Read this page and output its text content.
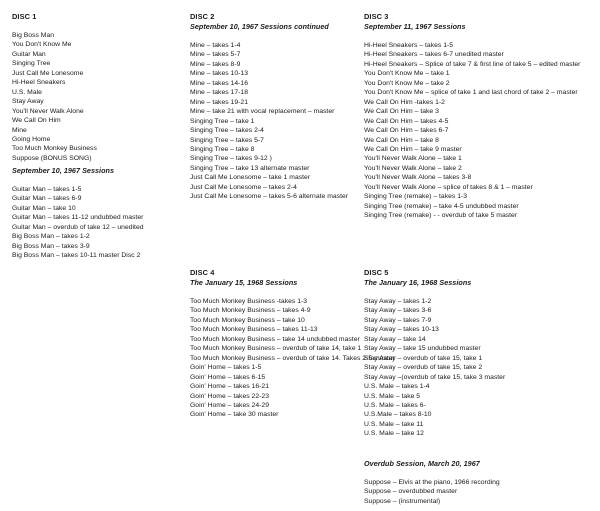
DISC 1
Big Boss Man
You Don't Know Me
Guitar Man
Singing Tree
Just Call Me Lonesome
Hi-Heel Sneakers
U.S. Male
Stay Away
You'll Never Walk Alone
We Call On Him
Mine
Going Home
Too Much Monkey Business
Suppose (BONUS SONG)
September 10, 1967 Sessions
Guitar Man – takes 1-5
Guitar Man – takes 6-9
Guitar Man – take 10
Guitar Man – takes 11-12 undubbed master
Guitar Man – overdub of take 12 – unedited
Big Boss Man – takes 1-2
Big Boss Man – takes 3-9
Big Boss Man – takes 10-11 master Disc 2
DISC 2
September 10, 1967 Sessions continued
Mine – takes 1-4
Mine – takes 5-7
Mine – takes 8-9
Mine – takes 10-13
Mine – takes 14-16
Mine – takes 17-18
Mine – takes 19-21
Mine – take 21 with vocal replacement – master
Singing Tree – take 1
Singing Tree – takes 2-4
Singing Tree – takes 5-7
Singing Tree – take 8
Singing Tree – takes 9-12 )
Singing Tree – take 13 alternate master
Just Call Me Lonesome – take 1 master
Just Call Me Lonesome – takes 2-4
Just Call Me Lonesome – takes 5-6 alternate master
DISC 4
The January 15, 1968 Sessions
Too Much Monkey Business -takes 1-3
Too Much Monkey Business – takes 4-9
Too Much Monkey Business – take 10
Too Much Monkey Business – takes 11-13
Too Much Monkey Business – take 14 undubbed master
Too Much Monkey Business – overdub of take 14, take 1
Too Much Monkey Business – overdub of take 14. Takes 2-5 master
Goin' Home – takes 1-5
Goin' Home – takes 6-15
Goin' Home – takes 16-21
Goin' Home – takes 22-23
Goin' Home – takes 24-29
Goin' Home – take 30 master
DISC 3
September 11, 1967 Sessions
Hi-Heel Sneakers – takes 1-5
Hi-Heel Sneakers – takes 6-7 unedited master
Hi-Heel Sneakers – Splice of take 7 & first line of take 5 – edited master
You Don't Know Me – take 1
You Don't Know Me – take 2
You Don't Know Me – splice of take 1 and last chord of take 2 – master
We Call On Him -takes 1-2
We Call On Him – take 3
We Call On Him – takes 4-5
We Call On Him – takes 6-7
We Call On Him – take 8
We Call On Him – take 9 master
You'll Never Walk Alone – take 1
You'll Never Walk Alone – take 2
You'll Never Walk Alone – takes 3-8
You'll Never Walk Alone – splice of takes 8 & 1 – master
Singing Tree (remake) – takes 1-3
Singing Tree (remake) – take 4-5 undubbed master
Singing Tree (remake) - - overdub of take 5 master
DISC 5
The January 16, 1968 Sessions
Stay Away – takes 1-2
Stay Away – takes 3-6
Stay Away – takes 7-9
Stay Away – takes 10-13
Stay Away – take 14
Stay Away – take 15 undubbed master
Stay Away – overdub of take 15, take 1
Stay Away – overdub of take 15, take 2
Stay Away –(overdub of take 15, take 3 master
U.S. Male – takes 1-4
U.S. Male – take 5
U.S. Male – takes 6-
U.S.Male – takes 8-10
U.S. Male – take 11
U.S. Male – take 12
Overdub Session, March 20, 1967
Suppose – Elvis at the piano, 1966 recording
Suppose – overdubbed master
Suppose – (instrumental)
